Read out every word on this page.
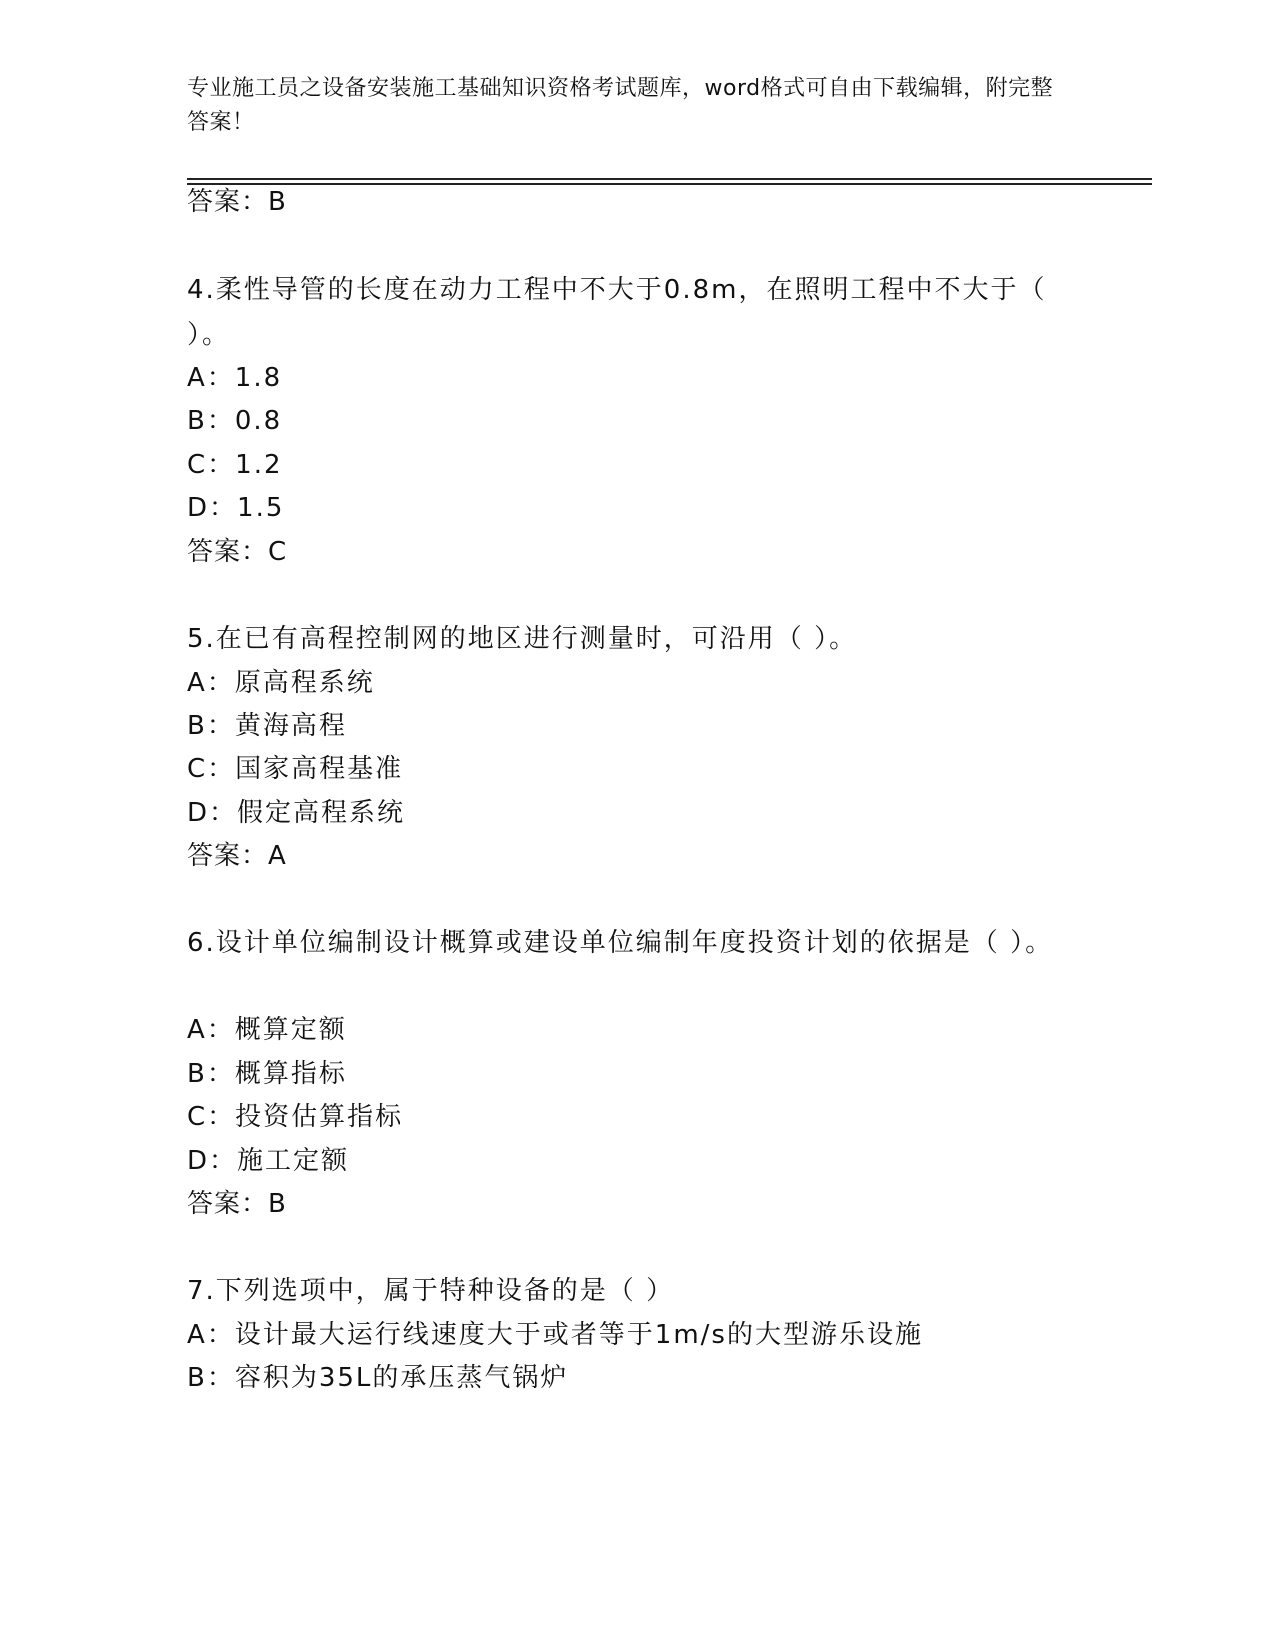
专业施工员之设备安装施工基础知识资格考试题库，word格式可自由下载编辑，附完整答案！
答案：B
4.柔性导管的长度在动力工程中不大于0.8m，在照明工程中不大于（ ）。
A：1.8
B：0.8
C：1.2
D：1.5
答案：C
5.在已有高程控制网的地区进行测量时，可沿用（ ）。
A：原高程系统
B：黄海高程
C：国家高程基准
D：假定高程系统
答案：A
6.设计单位编制设计概算或建设单位编制年度投资计划的依据是（ ）。
A：概算定额
B：概算指标
C：投资估算指标
D：施工定额
答案：B
7.下列选项中，属于特种设备的是（ ）
A：设计最大运行线速度大于或者等于1m/s的大型游乐设施
B：容积为35L的承压蒸气锅炉
